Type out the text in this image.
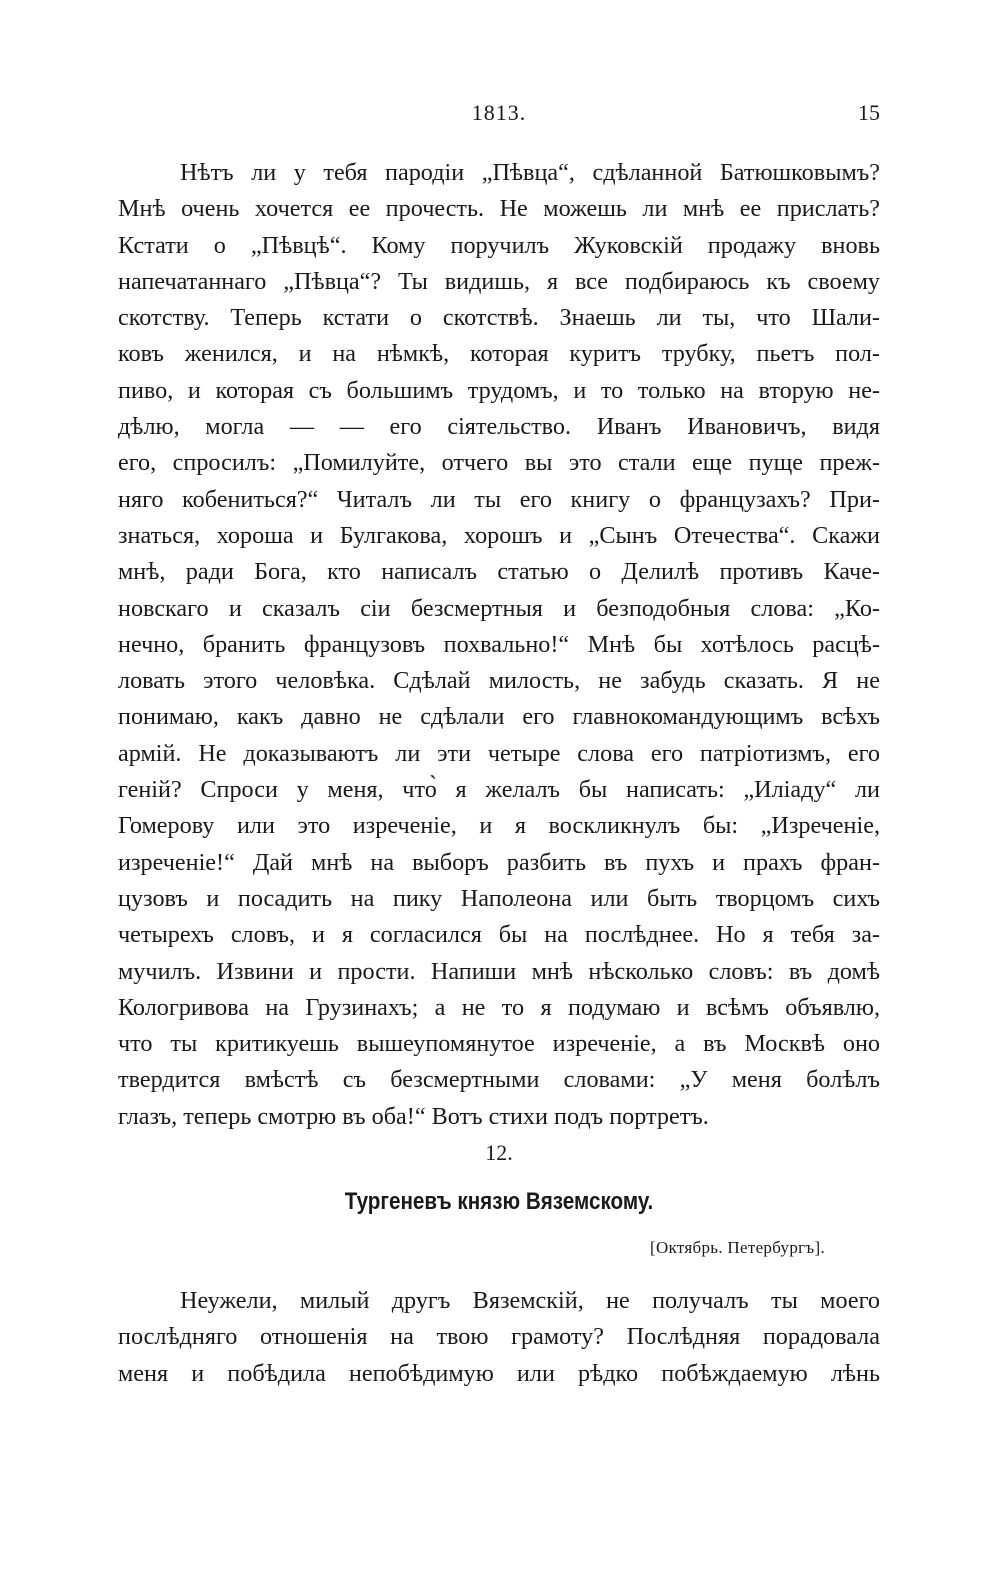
1813.	15
Нѣтъ ли у тебя пародіи „Пѣвца“, сдѣланной Батюшковымъ?
Мнѣ очень хочется ее прочесть. Не можешь ли мнѣ ее прислать?
Кстати о „Пѣвцѣ“. Кому поручилъ Жуковскій продажу вновь
напечатаннаго „Пѣвца“? Ты видишь, я все подбираюсь къ своему
скотству. Теперь кстати о скотствѣ. Знаешь ли ты, что Шали-
ковъ женился, и на нѣмкѣ, которая куритъ трубку, пьетъ пол-
пиво, и которая съ большимъ трудомъ, и то только на вторую не-
дѣлю, могла — — его сіятельство. Иванъ Ивановичъ, видя
его, спросилъ: „Помилуйте, отчего вы это стали еще пуще преж-
няго кобениться?“ Читалъ ли ты его книгу о французахъ? При-
знаться, хороша и Булгакова, хорошъ и „Сынъ Отечества“. Скажи
мнѣ, ради Бога, кто написалъ статью о Делилѣ противъ Каче-
новскаго и сказалъ сіи безсмертныя и безподобныя слова: „Ко-
нечно, бранить французовъ похвально!“ Мнѣ бы хотѣлось расцѣ-
ловать этого человѣка. Сдѣлай милость, не забудь сказать. Я не
понимаю, какъ давно не сдѣлали его главнокомандующимъ всѣхъ
армій. Не доказываютъ ли эти четыре слова его патріотизмъ, его
геній? Спроси у меня, что̀ я желалъ бы написать: „Иліаду“ ли
Гомерову или это изреченіе, и я воскликнулъ бы: „Изреченіе,
изреченіе!“ Дай мнѣ на выборъ разбить въ пухъ и прахъ фран-
цузовъ и посадить на пику Наполеона или быть творцомъ сихъ
четырехъ словъ, и я согласился бы на послѣднее. Но я тебя за-
мучилъ. Извини и прости. Напиши мнѣ нѣсколько словъ: въ домѣ
Кологривова на Грузинахъ; а не то я подумаю и всѣмъ объявлю,
что ты критикуешь вышеупомянутое изреченіе, а въ Москвѣ оно
твердится вмѣстѣ съ безсмертными словами: „У меня болѣлъ
глазъ, теперь смотрю въ оба!“ Вотъ стихи подъ портретъ.
12.
Тургеневъ князю Вяземскому.
[Октябрь. Петербургъ].
Неужели, милый другъ Вяземскій, не получалъ ты моего
послѣдняго отношенія на твою грамоту? Послѣдняя порадовала
меня и побѣдила непобѣдимую или рѣдко побѣждаемую лѣнь
